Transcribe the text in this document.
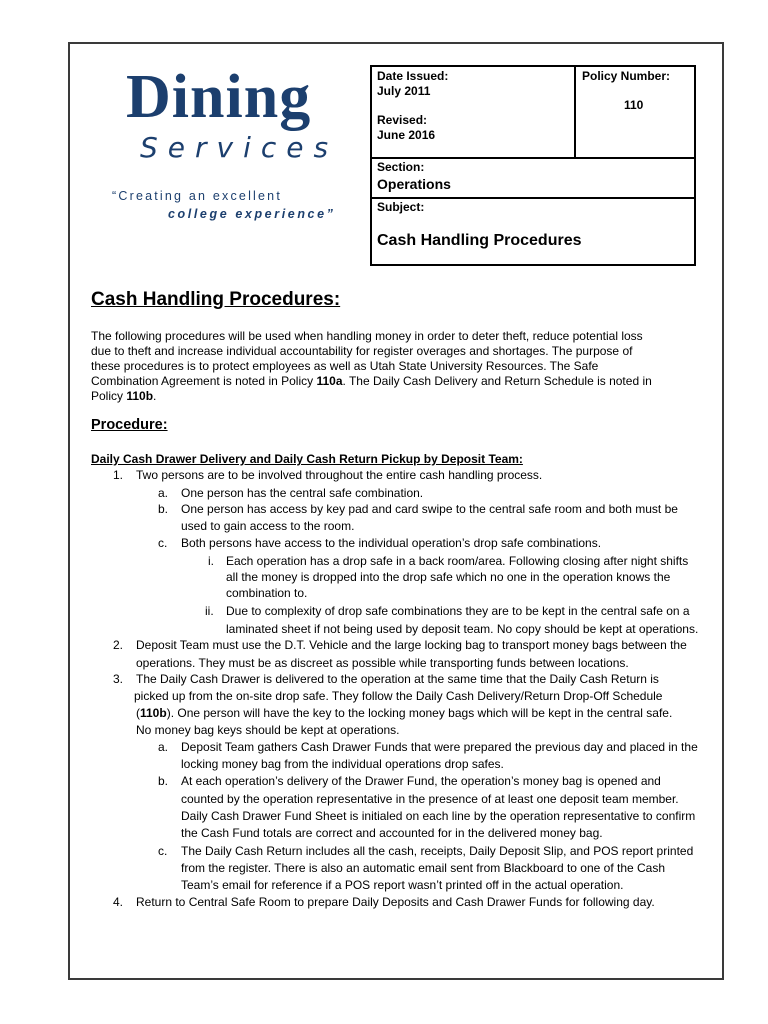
Dining
Services
“Creating an excellent
college experience”
Date Issued:
July 2011
Revised:
June 2016
Policy Number:
110
Section:
Operations
Subject:
Cash Handling Procedures
Cash Handling Procedures:

The following procedures will be used when handling money in order to deter theft, reduce potential loss

due to theft and increase individual accountability for register overages and shortages. The purpose of

these procedures is to protect employees as well as Utah State University Resources. The Safe

Combination Agreement is noted in Policy 110a. The Daily Cash Delivery and Return Schedule is noted in

Policy 110b.

Procedure:
Daily Cash Drawer Delivery and Daily Cash Return Pickup by Deposit Team:
1. Two persons are to be involved throughout the entire cash handling process.
a. One person has the central safe combination.
b. One person has access by key pad and card swipe to the central safe room and both must be
used to gain access to the room.
c. Both persons have access to the individual operation’s drop safe combinations.
i. Each operation has a drop safe in a back room/area. Following closing after night shifts
all the money is dropped into the drop safe which no one in the operation knows the
combination to.
ii. Due to complexity of drop safe combinations they are to be kept in the central safe on a
laminated sheet if not being used by deposit team. No copy should be kept at operations.
2. Deposit Team must use the D.T. Vehicle and the large locking bag to transport money bags between the
operations. They must be as discreet as possible while transporting funds between locations.
3. The Daily Cash Drawer is delivered to the operation at the same time that the Daily Cash Return is
picked up from the on-site drop safe. They follow the Daily Cash Delivery/Return Drop-Off Schedule
(110b). One person will have the key to the locking money bags which will be kept in the central safe.
No money bag keys should be kept at operations.
a. Deposit Team gathers Cash Drawer Funds that were prepared the previous day and placed in the
locking money bag from the individual operations drop safes.
b. At each operation’s delivery of the Drawer Fund, the operation’s money bag is opened and
counted by the operation representative in the presence of at least one deposit team member.
Daily Cash Drawer Fund Sheet is initialed on each line by the operation representative to confirm
the Cash Fund totals are correct and accounted for in the delivered money bag.
c. The Daily Cash Return includes all the cash, receipts, Daily Deposit Slip, and POS report printed
from the register. There is also an automatic email sent from Blackboard to one of the Cash
Team’s email for reference if a POS report wasn’t printed off in the actual operation.
4. Return to Central Safe Room to prepare Daily Deposits and Cash Drawer Funds for following day.
